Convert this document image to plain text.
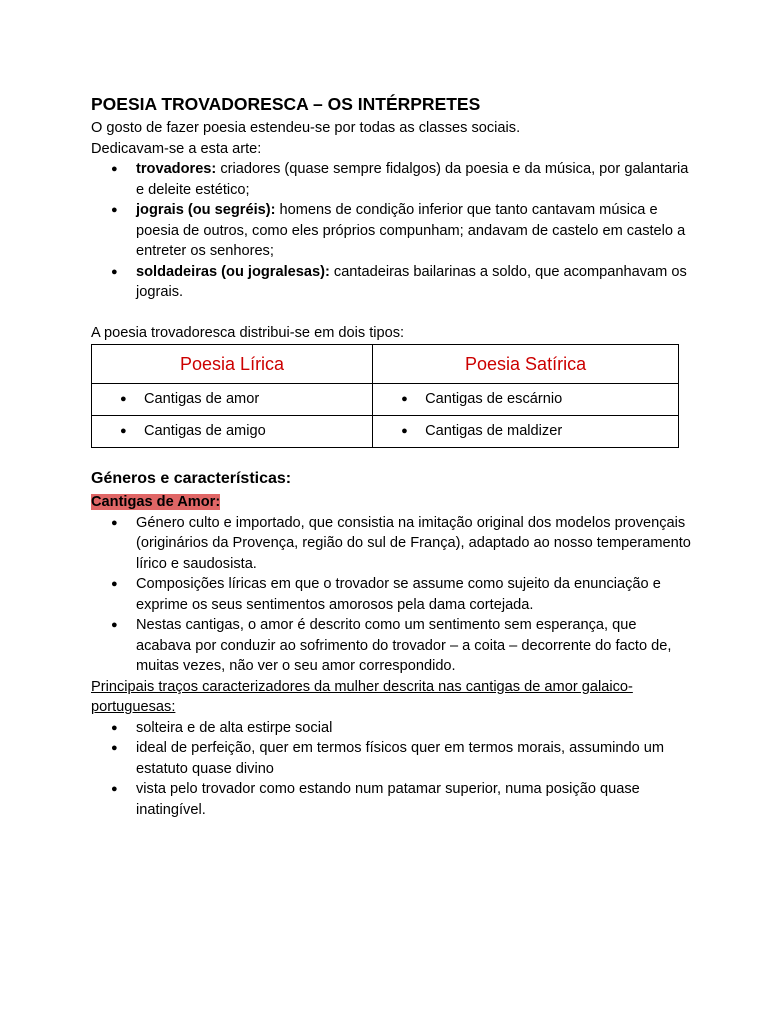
POESIA TROVADORESCA – OS INTÉRPRETES

O gosto de fazer poesia estendeu-se por todas as classes sociais.

Dedicavam-se a esta arte:

● trovadores: criadores (quase sempre fidalgos) da poesia e da música, por galantaria e deleite estético;
● jograis (ou segréis): homens de condição inferior que tanto cantavam música e poesia de outros, como eles próprios compunham; andavam de castelo em castelo a entreter os senhores;
● soldadeiras (ou jogralesas): cantadeiras bailarinas a soldo, que acompanhavam os jograis.

A poesia trovadoresca distribui-se em dois tipos:

Poesia Lírica	Poesia Satírica

● Cantigas de amor	● Cantigas de escárnio

● Cantigas de amigo	● Cantigas de maldizer
Géneros e características:

Cantigas de Amor:

● Género culto e importado, que consistia na imitação original dos modelos provençais (originários da Provença, região do sul de França), adaptado ao nosso temperamento lírico e saudosista.
● Composições líricas em que o trovador se assume como sujeito da enunciação e exprime os seus sentimentos amorosos pela dama cortejada.
● Nestas cantigas, o amor é descrito como um sentimento sem esperança, que acabava por conduzir ao sofrimento do trovador – a coita – decorrente do facto de, muitas vezes, não ver o seu amor correspondido.

Principais traços caracterizadores da mulher descrita nas cantigas de amor galaico-portuguesas:

● solteira e de alta estirpe social
● ideal de perfeição, quer em termos físicos quer em termos morais, assumindo um estatuto quase divino
● vista pelo trovador como estando num patamar superior, numa posição quase inatingível.
